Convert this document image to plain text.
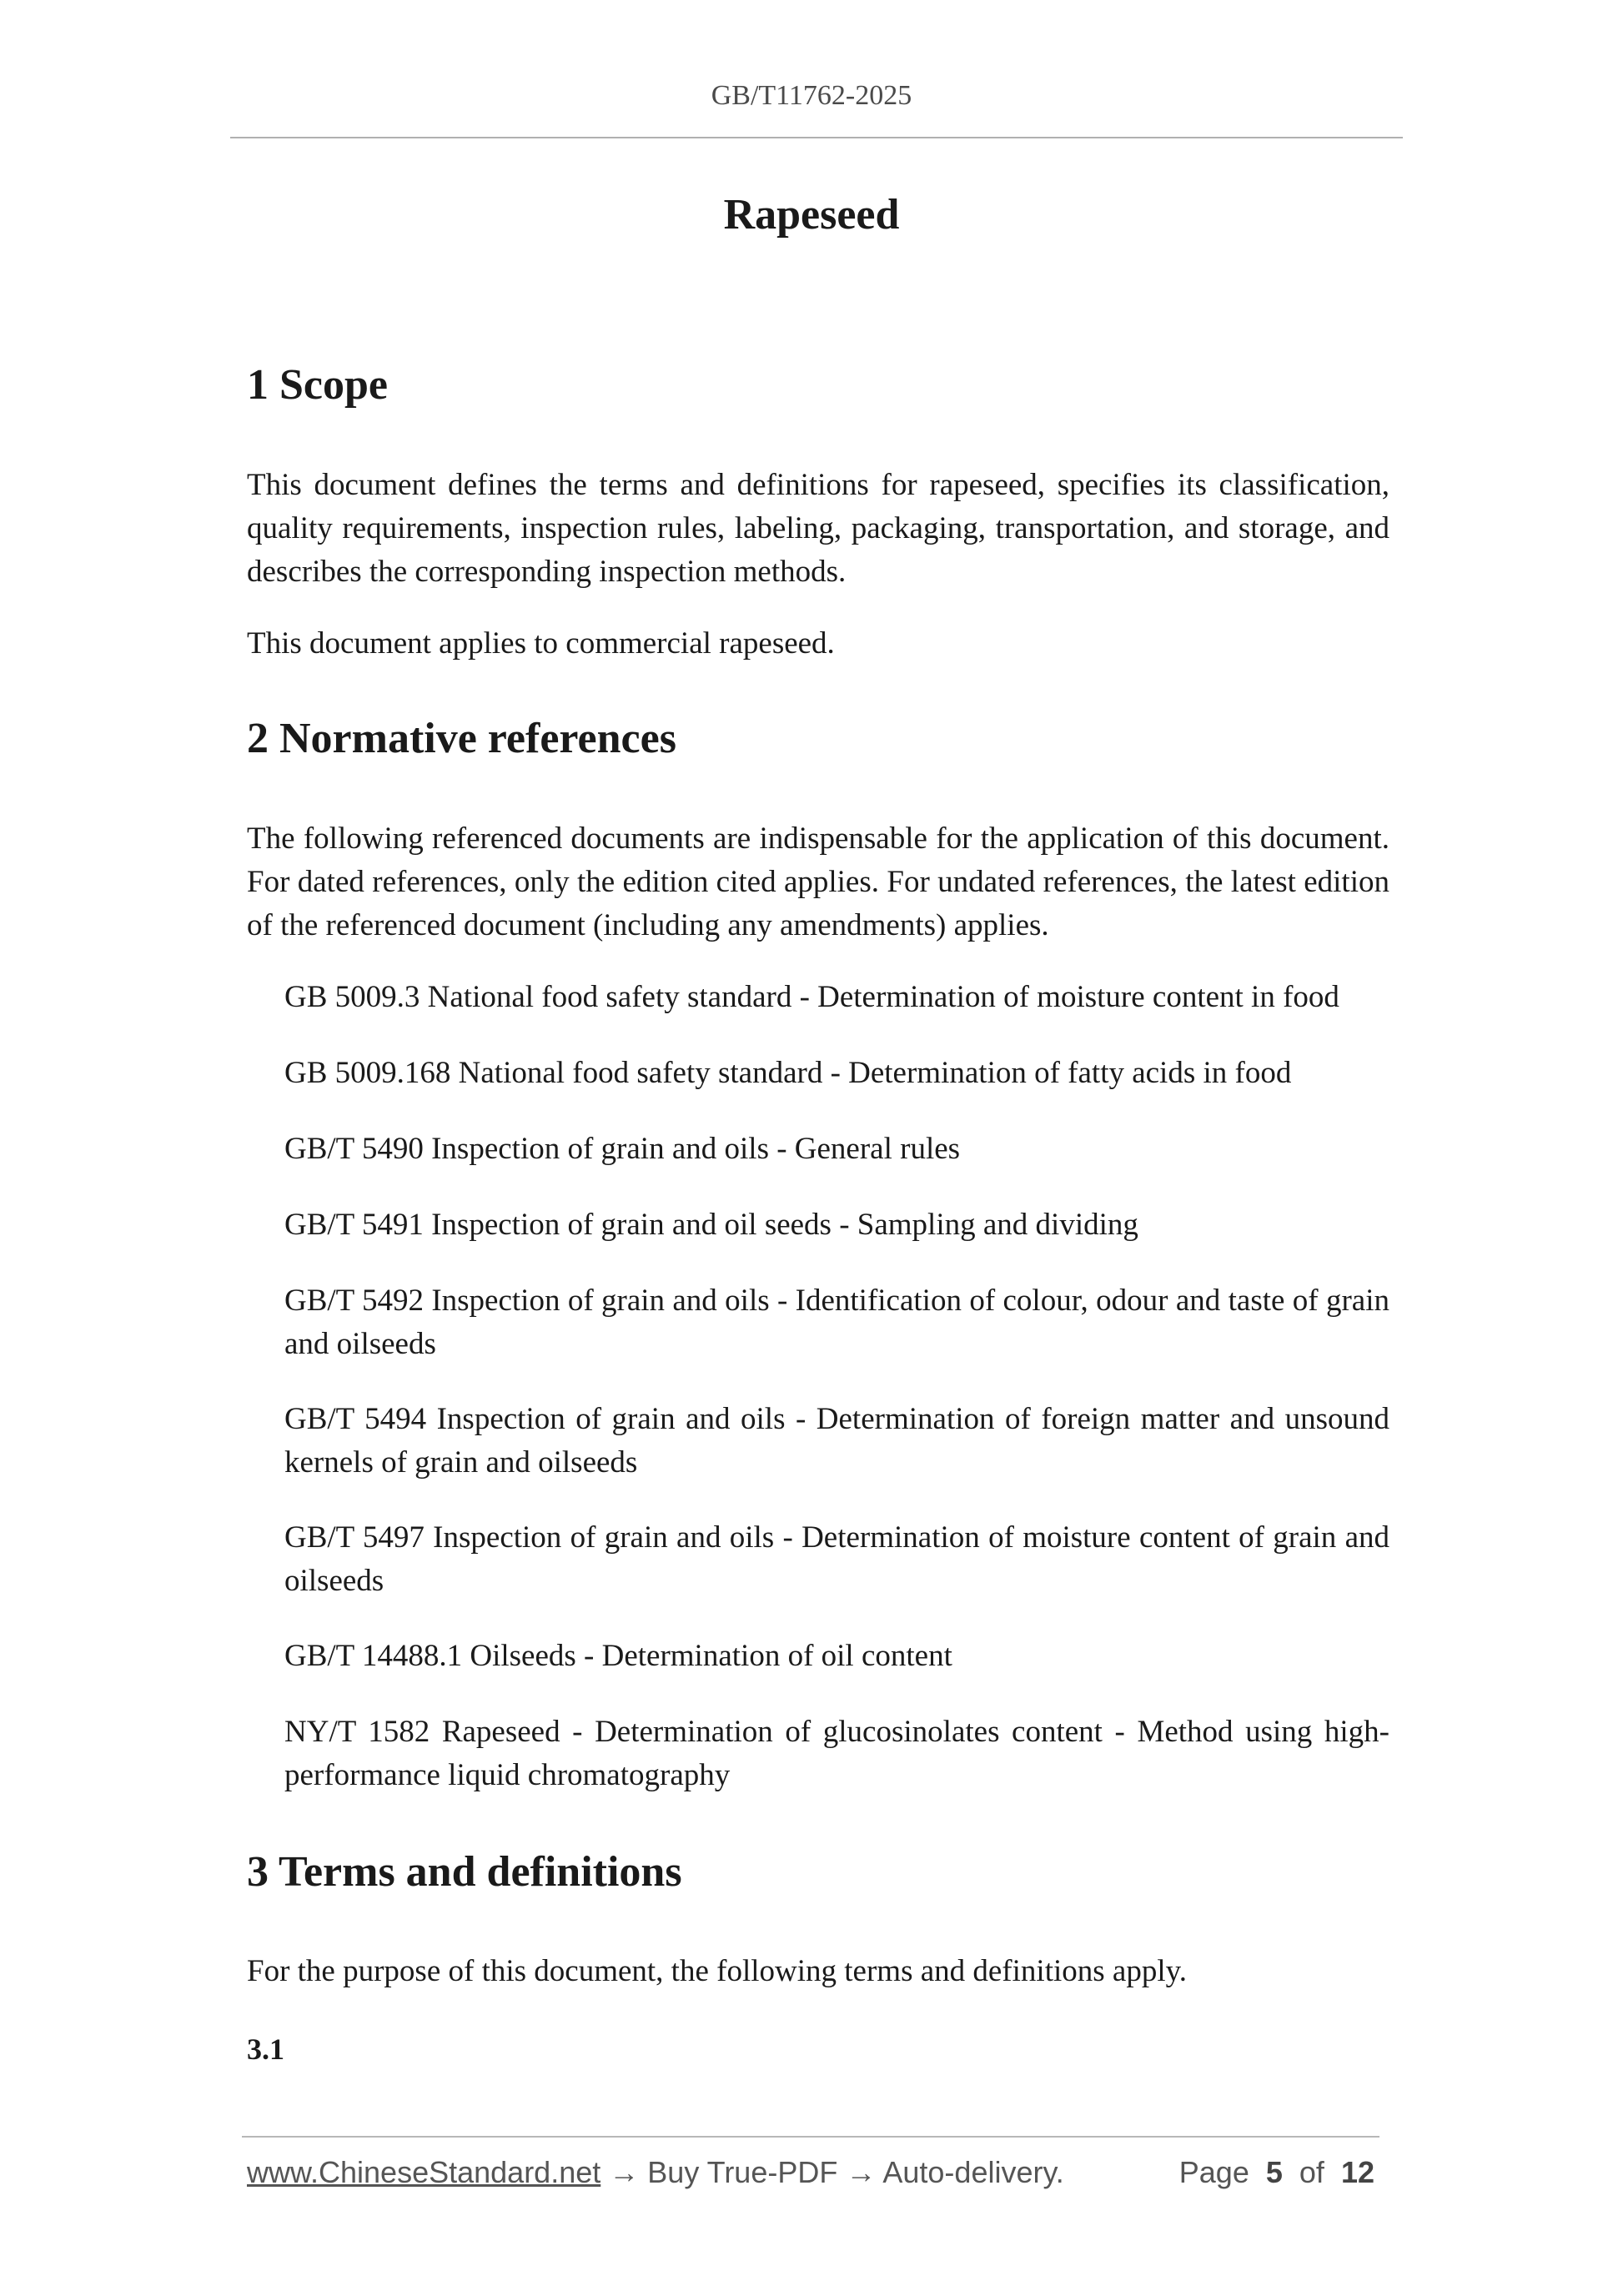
GB/T11762-2025
Rapeseed
1 Scope

This document defines the terms and definitions for rapeseed, specifies its classification, quality requirements, inspection rules, labeling, packaging, transportation, and storage, and describes the corresponding inspection methods.

This document applies to commercial rapeseed.

2 Normative references

The following referenced documents are indispensable for the application of this document. For dated references, only the edition cited applies. For undated references, the latest edition of the referenced document (including any amendments) applies.

GB 5009.3 National food safety standard - Determination of moisture content in food

GB 5009.168 National food safety standard - Determination of fatty acids in food

GB/T 5490 Inspection of grain and oils - General rules

GB/T 5491 Inspection of grain and oil seeds - Sampling and dividing

GB/T 5492 Inspection of grain and oils - Identification of colour, odour and taste of grain and oilseeds

GB/T 5494 Inspection of grain and oils - Determination of foreign matter and unsound kernels of grain and oilseeds

GB/T 5497 Inspection of grain and oils - Determination of moisture content of grain and oilseeds

GB/T 14488.1 Oilseeds - Determination of oil content

NY/T 1582 Rapeseed - Determination of glucosinolates content - Method using high-performance liquid chromatography

3 Terms and definitions

For the purpose of this document, the following terms and definitions apply.

3.1
www.ChineseStandard.net → Buy True-PDF → Auto-delivery.	Page 5 of 12
